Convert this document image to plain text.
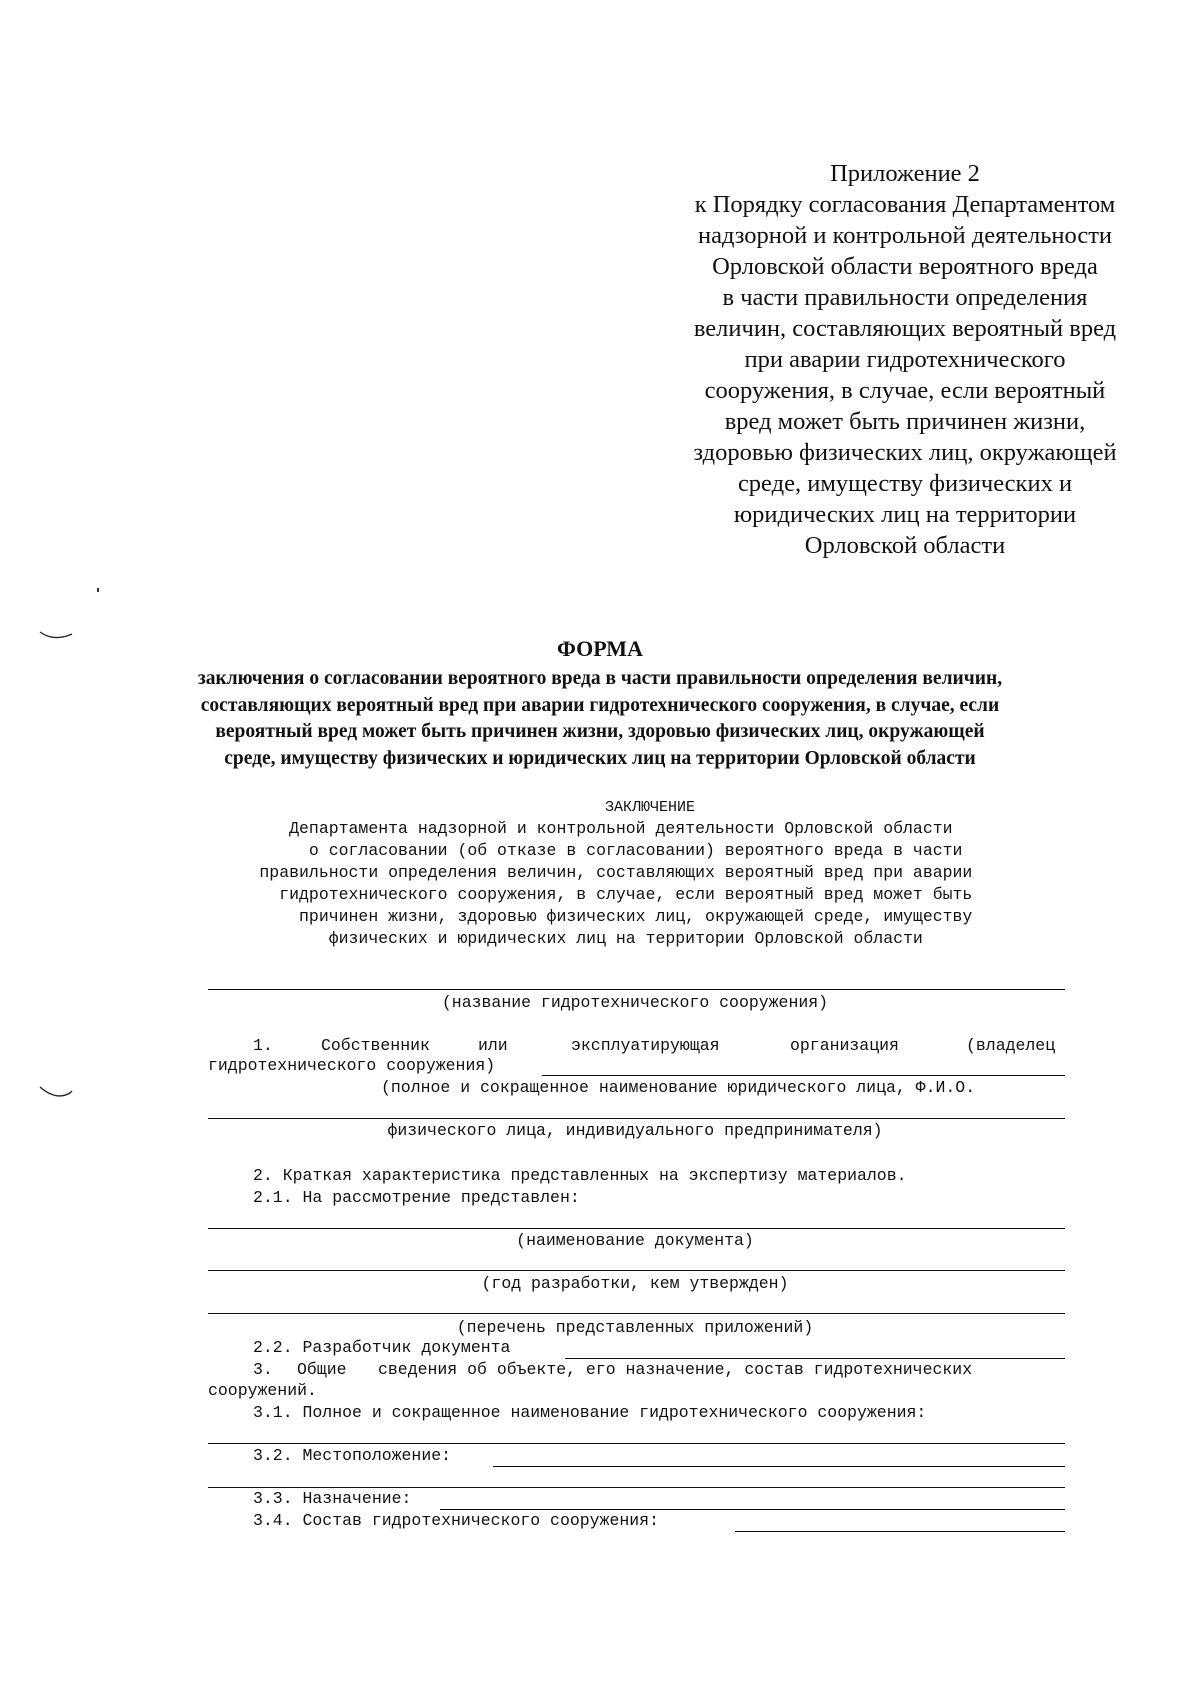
Приложение 2
к Порядку согласования Департаментом
надзорной и контрольной деятельности
Орловской области вероятного вреда
в части правильности определения
величин, составляющих вероятный вред
при аварии гидротехнического
сооружения, в случае, если вероятный
вред может быть причинен жизни,
здоровью физических лиц, окружающей
среде, имуществу физических и
юридических лиц на территории
Орловской области
ФОРМА
заключения о согласовании вероятного вреда в части правильности определения величин,
составляющих вероятный вред при аварии гидротехнического сооружения, в случае, если
вероятный вред может быть причинен жизни, здоровью физических лиц, окружающей
среде, имуществу физических и юридических лиц на территории Орловской области
ЗАКЛЮЧЕНИЕ
Департамента надзорной и контрольной деятельности Орловской области
о согласовании (об отказе в согласовании) вероятного вреда в части
правильности определения величин, составляющих вероятный вред при аварии
гидротехнического сооружения, в случае, если вероятный вред может быть
причинен жизни, здоровью физических лиц, окружающей среде, имуществу
физических и юридических лиц на территории Орловской области
(название гидротехнического сооружения)
1.	Собственник	или	эксплуатирующая	организация	(владелец
гидротехнического сооружения)
(полное и сокращенное наименование юридического лица, Ф.И.О.
физического лица, индивидуального предпринимателя)
2. Краткая характеристика представленных на экспертизу материалов.
2.1. На рассмотрение представлен:
(наименование документа)
(год разработки, кем утвержден)
(перечень представленных приложений)
2.2. Разработчик документа
3. Общие сведения об объекте, его назначение, состав гидротехнических
сооружений.
3.1. Полное и сокращенное наименование гидротехнического сооружения:
3.2. Местоположение:
3.3. Назначение:
3.4. Состав гидротехнического сооружения:
